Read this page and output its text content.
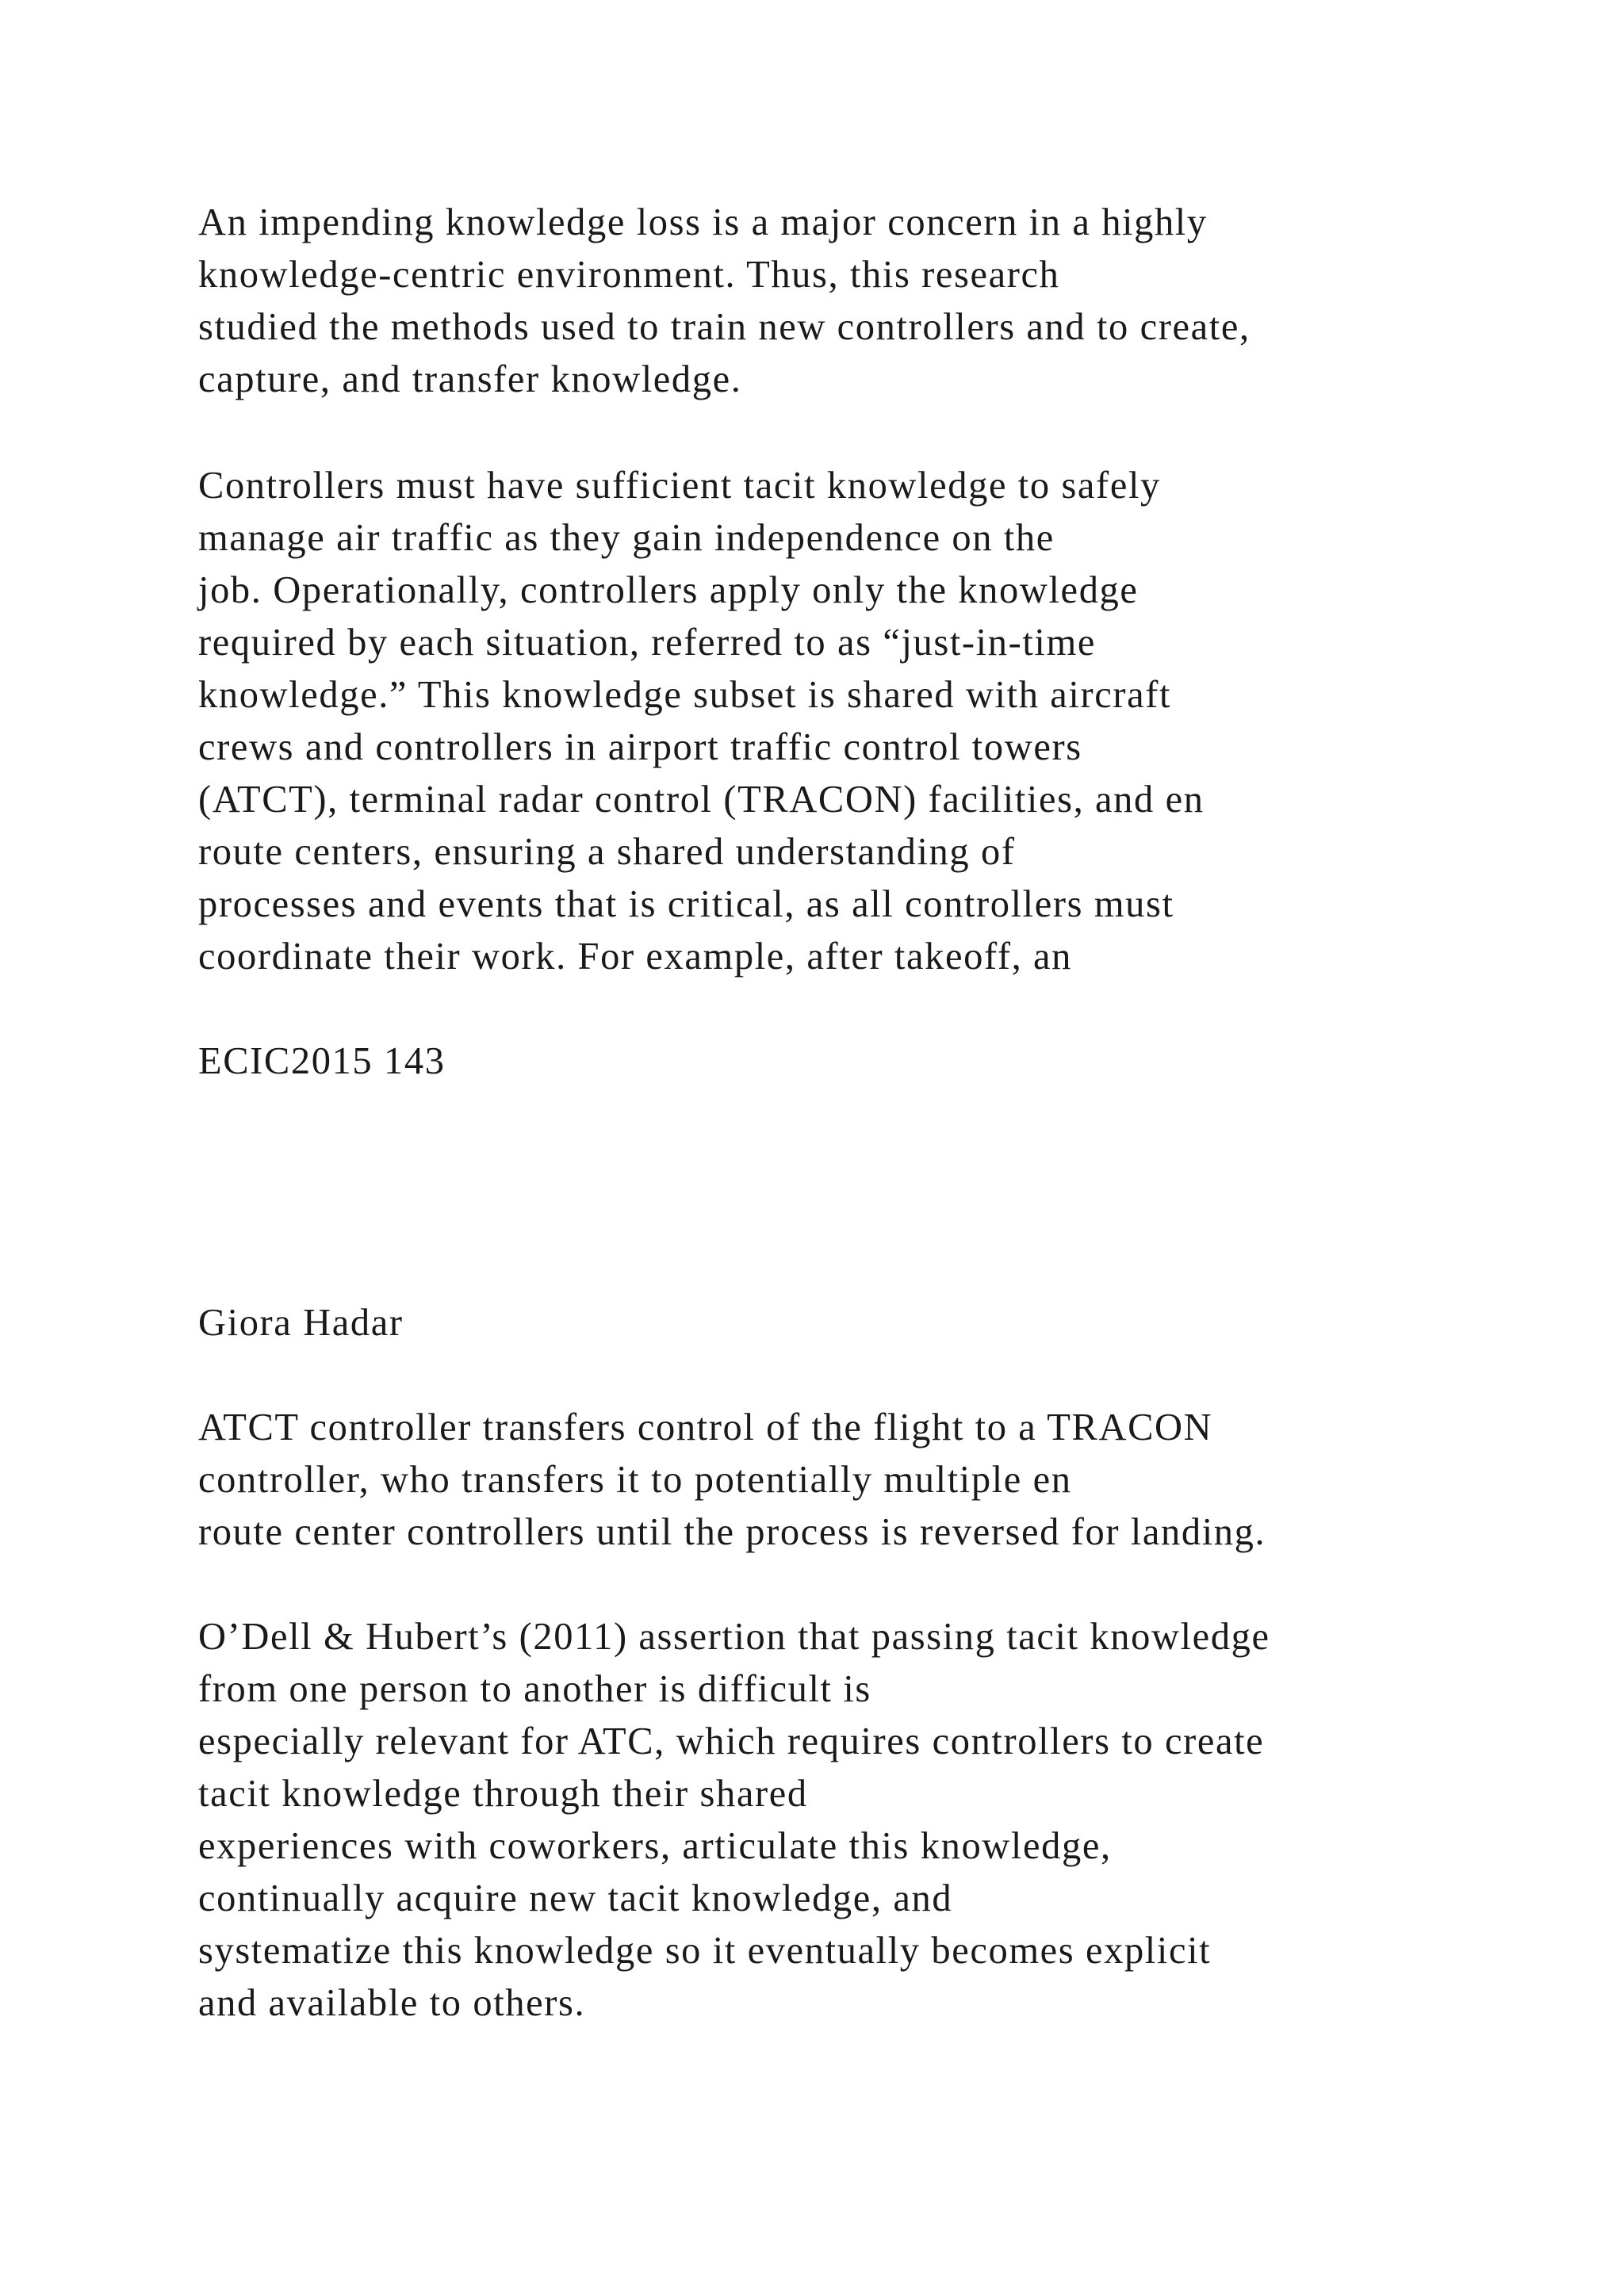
An impending knowledge loss is a major concern in a highly

knowledge-centric environment. Thus, this research

studied the methods used to train new controllers and to create,

capture, and transfer knowledge.

Controllers must have sufficient tacit knowledge to safely

manage air traffic as they gain independence on the

job. Operationally, controllers apply only the knowledge

required by each situation, referred to as “just-in-time

knowledge.” This knowledge subset is shared with aircraft

crews and controllers in airport traffic control towers

(ATCT), terminal radar control (TRACON) facilities, and en

route centers, ensuring a shared understanding of

processes and events that is critical, as all controllers must

coordinate their work. For example, after takeoff, an

ECIC2015 143

Giora Hadar

ATCT controller transfers control of the flight to a TRACON

controller, who transfers it to potentially multiple en

route center controllers until the process is reversed for landing.

O’Dell & Hubert’s (2011) assertion that passing tacit knowledge

from one person to another is difficult is

especially relevant for ATC, which requires controllers to create

tacit knowledge through their shared

experiences with coworkers, articulate this knowledge,

continually acquire new tacit knowledge, and

systematize this knowledge so it eventually becomes explicit

and available to others.
